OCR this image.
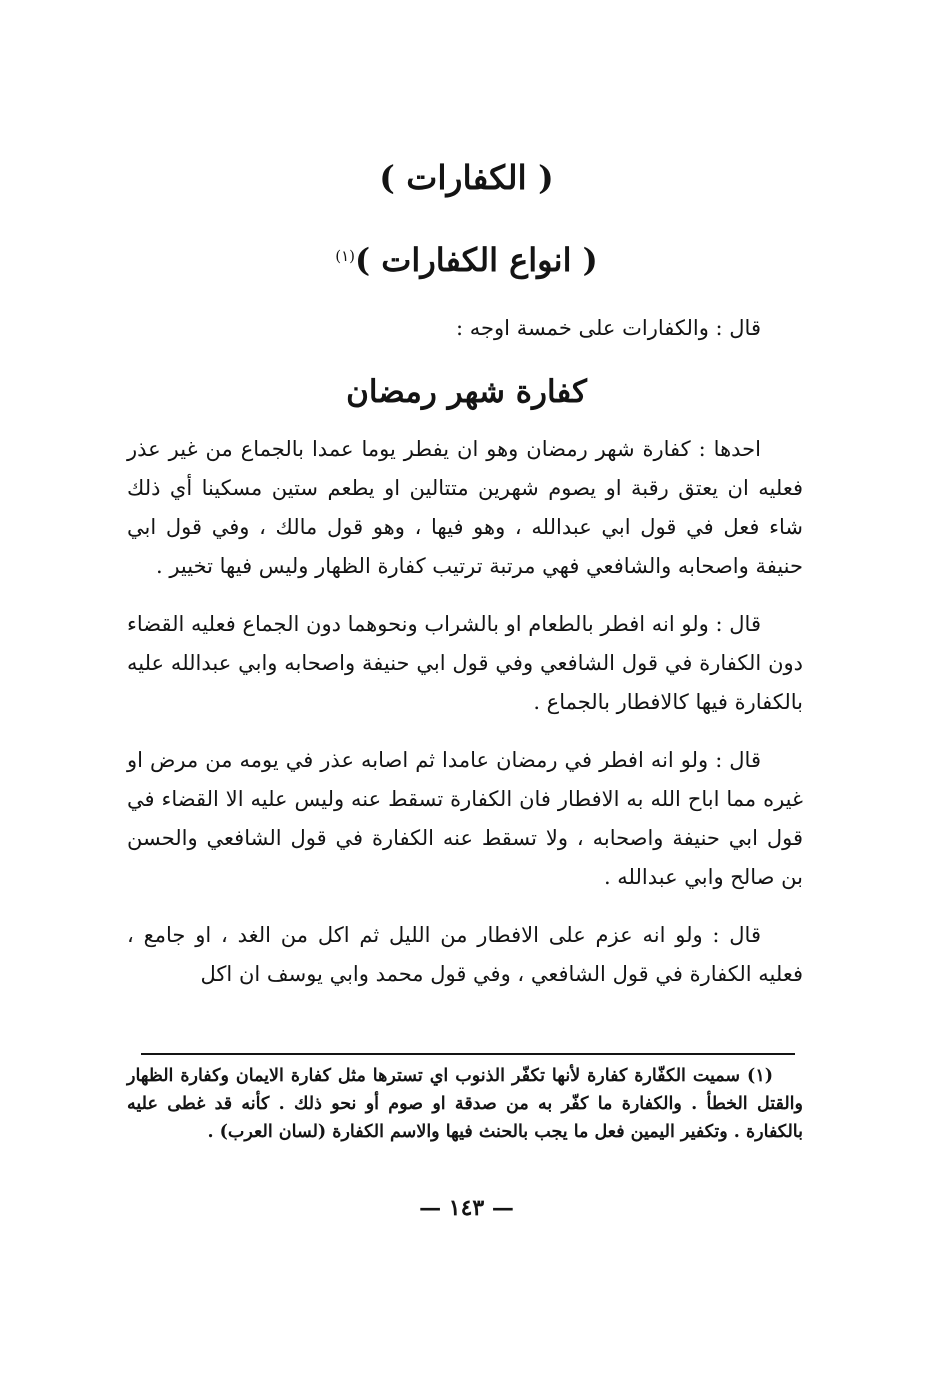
( الكفارات )
( انواع الكفارات )$^{(١)}$
قال : والكفارات على خمسة اوجه :
كفارة شهر رمضان

احدها : كفارة شهر رمضان وهو ان يفطر يوما عمدا بالجماع من غير عذر فعليه ان يعتق رقبة او يصوم شهرين متتالين او يطعم ستين مسكينا أي ذلك شاء فعل في قول ابي عبدالله ، وهو فيها ، وهو قول مالك ، وفي قول ابي حنيفة واصحابه والشافعي فهي مرتبة ترتيب كفارة الظهار وليس فيها تخيير .

قال : ولو انه افطر بالطعام او بالشراب ونحوهما دون الجماع فعليه القضاء دون الكفارة في قول الشافعي وفي قول ابي حنيفة واصحابه وابي عبدالله عليه بالكفارة فيها كالافطار بالجماع .

قال : ولو انه افطر في رمضان عامدا ثم اصابه عذر في يومه من مرض او غيره مما اباح الله به الافطار فان الكفارة تسقط عنه وليس عليه الا القضاء في قول ابي حنيفة واصحابه ، ولا تسقط عنه الكفارة في قول الشافعي والحسن بن صالح وابي عبدالله .

قال : ولو انه عزم على الافطار من الليل ثم اكل من الغد ، او جامع ، فعليه الكفارة في قول الشافعي ، وفي قول محمد وابي يوسف ان اكل

(١) سميت الكفّارة كفارة لأنها تكفّر الذنوب اي تسترها مثل كفارة الايمان وكفارة الظهار والقتل الخطأ . والكفارة ما كفّر به من صدقة او صوم أو نحو ذلك . كأنه قد غطى عليه بالكفارة . وتكفير اليمين فعل ما يجب بالحنث فيها والاسم الكفارة (لسان العرب) .
— ١٤٣ —
